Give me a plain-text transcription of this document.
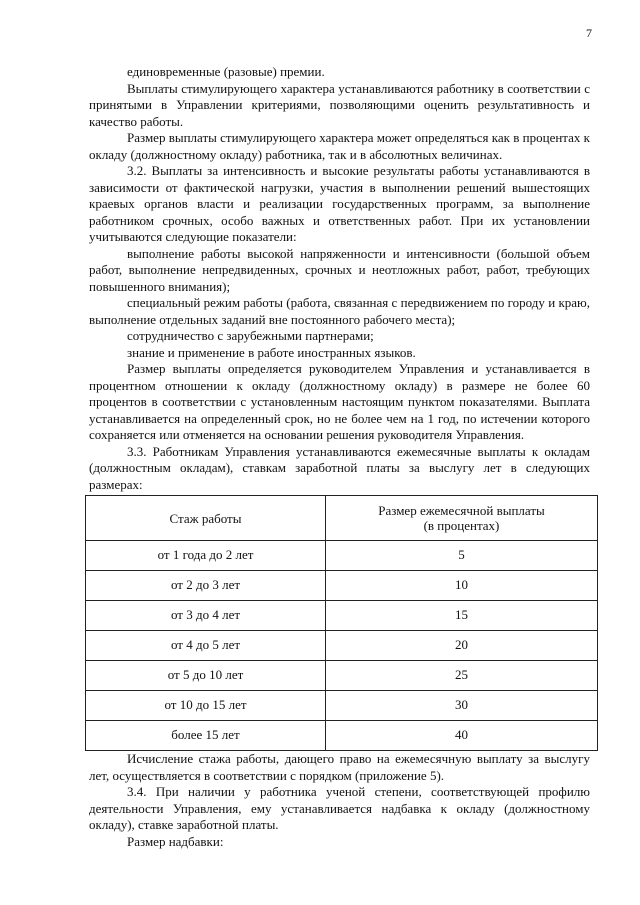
7

единовременные (разовые) премии.

Выплаты стимулирующего характера устанавливаются работнику в соответствии с принятыми в Управлении критериями, позволяющими оценить результативность и качество работы.

Размер выплаты стимулирующего характера может определяться как в процентах к окладу (должностному окладу) работника, так и в абсолютных величинах.

3.2. Выплаты за интенсивность и высокие результаты работы устанавливаются в зависимости от фактической нагрузки, участия в выполнении решений вышестоящих краевых органов власти и реализации государственных программ, за выполнение работником срочных, особо важных и ответственных работ. При их установлении учитываются следующие показатели:

выполнение работы высокой напряженности и интенсивности (большой объем работ, выполнение непредвиденных, срочных и неотложных работ, работ, требующих повышенного внимания);

специальный режим работы (работа, связанная с передвижением по городу и краю, выполнение отдельных заданий вне постоянного рабочего места);

сотрудничество с зарубежными партнерами;

знание и применение в работе иностранных языков.

Размер выплаты определяется руководителем Управления и устанавливается в процентном отношении к окладу (должностному окладу) в размере не более 60 процентов в соответствии с установленным настоящим пунктом показателями. Выплата устанавливается на определенный срок, но не более чем на 1 год, по истечении которого сохраняется или отменяется на основании решения руководителя Управления.

3.3. Работникам Управления устанавливаются ежемесячные выплаты к окладам (должностным окладам), ставкам заработной платы за выслугу лет в следующих размерах:

Стаж работы	Размер ежемесячной выплаты
(в процентах)
от 1 года до 2 лет	5
от 2 до 3 лет	10
от 3 до 4 лет	15
от 4 до 5 лет	20
от 5 до 10 лет	25
от 10 до 15 лет	30
более 15 лет	40

Исчисление стажа работы, дающего право на ежемесячную выплату за выслугу лет, осуществляется в соответствии с порядком (приложение 5).

3.4. При наличии у работника ученой степени, соответствующей профилю деятельности Управления, ему устанавливается надбавка к окладу (должностному окладу), ставке заработной платы.

Размер надбавки:
